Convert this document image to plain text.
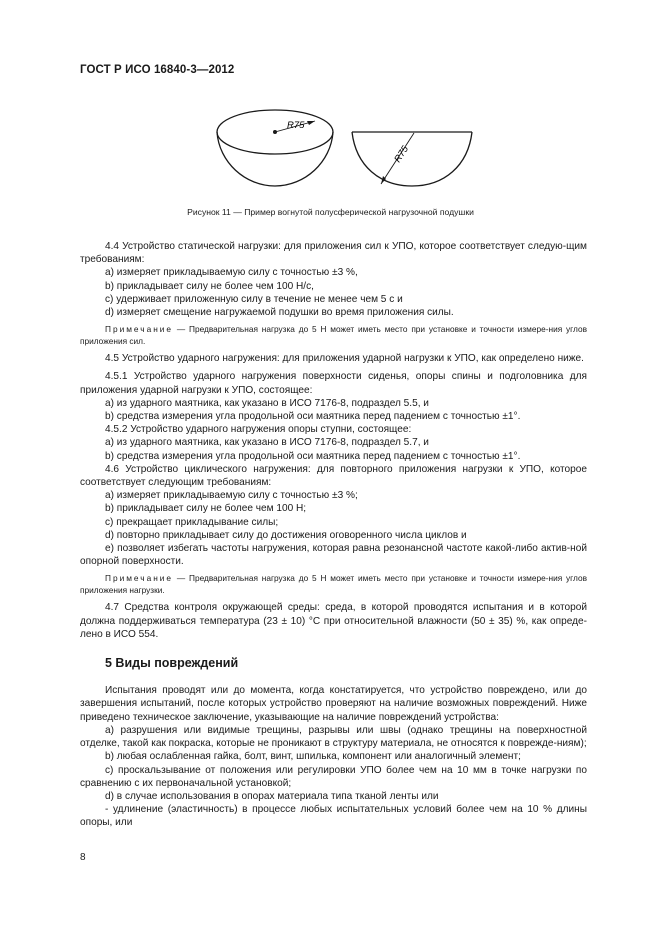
ГОСТ Р ИСО 16840-3—2012
R75
R75
Рисунок 11 — Пример вогнутой полусферической нагрузочной подушки

4.4 Устройство статической нагрузки: для приложения сил к УПО, которое соответствует следую-щим требованиям:

а) измеряет прикладываемую силу с точностью ±3 %,

b) прикладывает силу не более чем 100 Н/с,

c) удерживает приложенную силу в течение не менее чем 5 с и

d) измеряет смещение нагружаемой подушки во время приложения силы.

Примечание — Предварительная нагрузка до 5 Н может иметь место при установке и точности измере-ния углов приложения сил.

4.5 Устройство ударного нагружения: для приложения ударной нагрузки к УПО, как определено ниже.

4.5.1 Устройство ударного нагружения поверхности сиденья, опоры спины и подголовника для приложения ударной нагрузки к УПО, состоящее:

а) из ударного маятника, как указано в ИСО 7176-8, подраздел 5.5, и

b) средства измерения угла продольной оси маятника перед падением с точностью ±1°.

4.5.2 Устройство ударного нагружения опоры ступни, состоящее:

а) из ударного маятника, как указано в ИСО 7176-8, подраздел 5.7, и

b) средства измерения угла продольной оси маятника перед падением с точностью ±1°.

4.6 Устройство циклического нагружения: для повторного приложения нагрузки к УПО, которое соответствует следующим требованиям:

а) измеряет прикладываемую силу с точностью ±3 %;

b) прикладывает силу не более чем 100 Н;

c) прекращает прикладывание силы;

d) повторно прикладывает силу до достижения оговоренного числа циклов и

e) позволяет избегать частоты нагружения, которая равна резонансной частоте какой-либо актив-ной опорной поверхности.

Примечание — Предварительная нагрузка до 5 Н может иметь место при установке и точности измере-ния углов приложения нагрузки.

4.7 Средства контроля окружающей среды: среда, в которой проводятся испытания и в которой должна поддерживаться температура (23 ± 10) °С при относительной влажности (50 ± 35) %, как опреде-лено в ИСО 554.

5 Виды повреждений

Испытания проводят или до момента, когда констатируется, что устройство повреждено, или до завершения испытаний, после которых устройство проверяют на наличие возможных повреждений. Ниже приведено техническое заключение, указывающие на наличие повреждений устройства:

а) разрушения или видимые трещины, разрывы или швы (однако трещины на поверхностной отделке, такой как покраска, которые не проникают в структуру материала, не относятся к поврежде-ниям);

b) любая ослабленная гайка, болт, винт, шпилька, компонент или аналогичный элемент;

c) проскальзывание от положения или регулировки УПО более чем на 10 мм в точке нагрузки по сравнению с их первоначальной установкой;

d) в случае использования в опорах материала типа тканой ленты или

- удлинение (эластичность) в процессе любых испытательных условий более чем на 10 % длины опоры, или

8
